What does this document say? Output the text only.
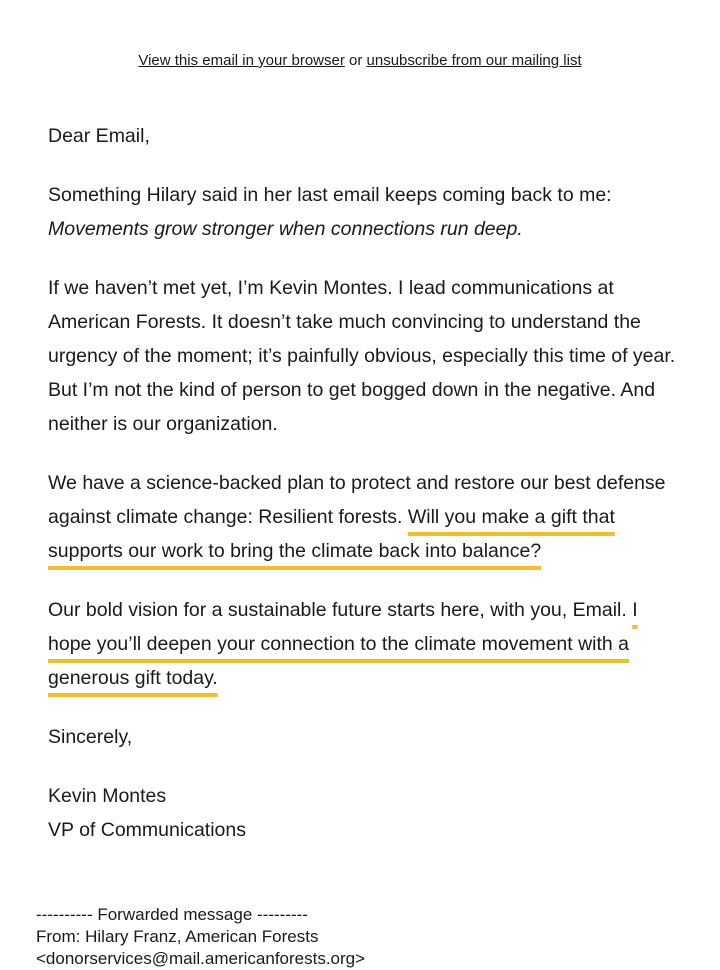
View this email in your browser or unsubscribe from our mailing list

Dear Email,

Something Hilary said in her last email keeps coming back to me:
Movements grow stronger when connections run deep.

If we haven’t met yet, I’m Kevin Montes. I lead communications at American Forests. It doesn’t take much convincing to understand the urgency of the moment; it’s painfully obvious, especially this time of year. But I’m not the kind of person to get bogged down in the negative. And neither is our organization.

We have a science-backed plan to protect and restore our best defense against climate change: Resilient forests. Will you make a gift that supports our work to bring the climate back into balance?

Our bold vision for a sustainable future starts here, with you, Email. I hope you’ll deepen your connection to the climate movement with a generous gift today.

Sincerely,

Kevin Montes
VP of Communications

---------- Forwarded message ---------
From: Hilary Franz, American Forests
<donorservices@mail.americanforests.org>
